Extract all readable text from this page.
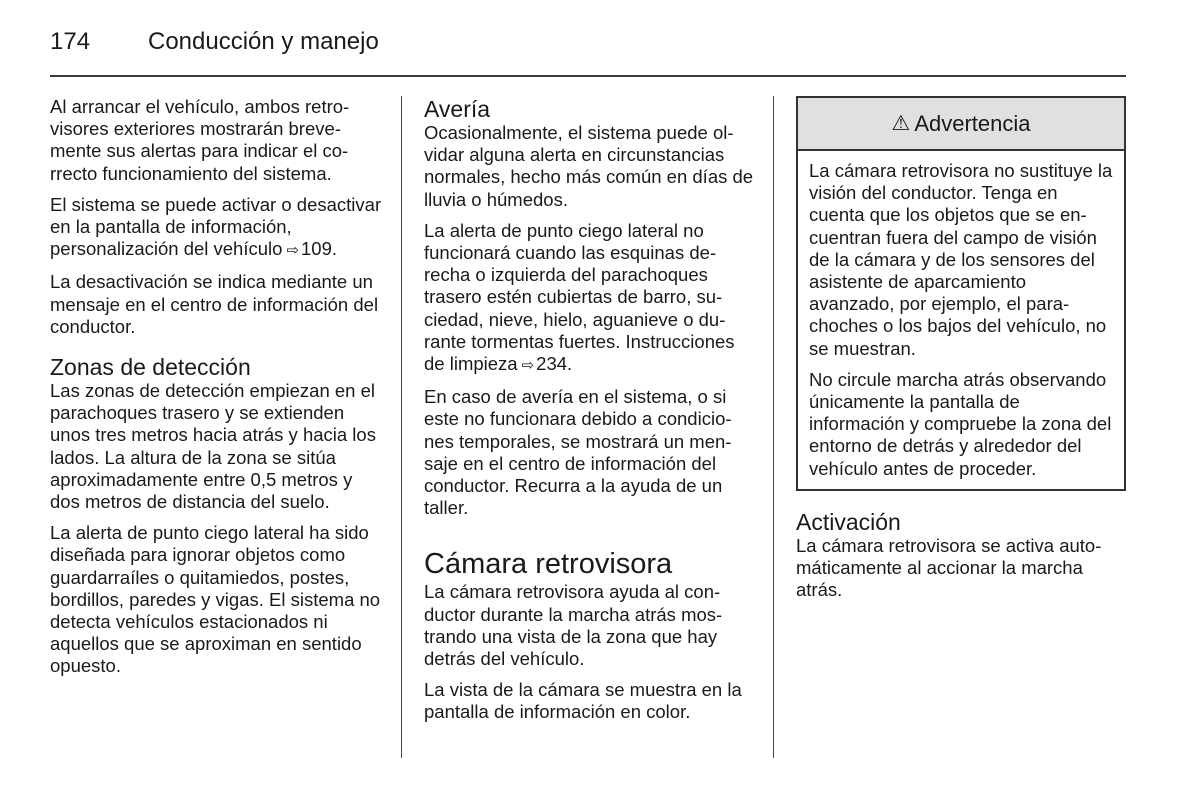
174 Conducción y manejo

Al arrancar el vehículo, ambos retrovisores exteriores mostrarán brevemente sus alertas para indicar el correcto funcionamiento del sistema.

El sistema se puede activar o desactivar en la pantalla de información, personalización del vehículo ⇨ 109.

La desactivación se indica mediante un mensaje en el centro de información del conductor.

Zonas de detección

Las zonas de detección empiezan en el parachoques trasero y se extienden unos tres metros hacia atrás y hacia los lados. La altura de la zona se sitúa aproximadamente entre 0,5 metros y dos metros de distancia del suelo.

La alerta de punto ciego lateral ha sido diseñada para ignorar objetos como guardarraíles o quitamiedos, postes, bordillos, paredes y vigas. El sistema no detecta vehículos estacionados ni aquellos que se aproximan en sentido opuesto.

Avería

Ocasionalmente, el sistema puede olvidar alguna alerta en circunstancias normales, hecho más común en días de lluvia o húmedos.

La alerta de punto ciego lateral no funcionará cuando las esquinas derecha o izquierda del parachoques trasero estén cubiertas de barro, suciedad, nieve, hielo, aguanieve o durante tormentas fuertes. Instrucciones de limpieza ⇨ 234.

En caso de avería en el sistema, o si este no funcionara debido a condiciones temporales, se mostrará un mensaje en el centro de información del conductor. Recurra a la ayuda de un taller.

Cámara retrovisora

La cámara retrovisora ayuda al conductor durante la marcha atrás mostrando una vista de la zona que hay detrás del vehículo.

La vista de la cámara se muestra en la pantalla de información en color.

⚠ Advertencia

La cámara retrovisora no sustituye la visión del conductor. Tenga en cuenta que los objetos que se encuentran fuera del campo de visión de la cámara y de los sensores del asistente de aparcamiento avanzado, por ejemplo, el parachoches o los bajos del vehículo, no se muestran.

No circule marcha atrás observando únicamente la pantalla de información y compruebe la zona del entorno de detrás y alrededor del vehículo antes de proceder.

Activación

La cámara retrovisora se activa automáticamente al accionar la marcha atrás.
